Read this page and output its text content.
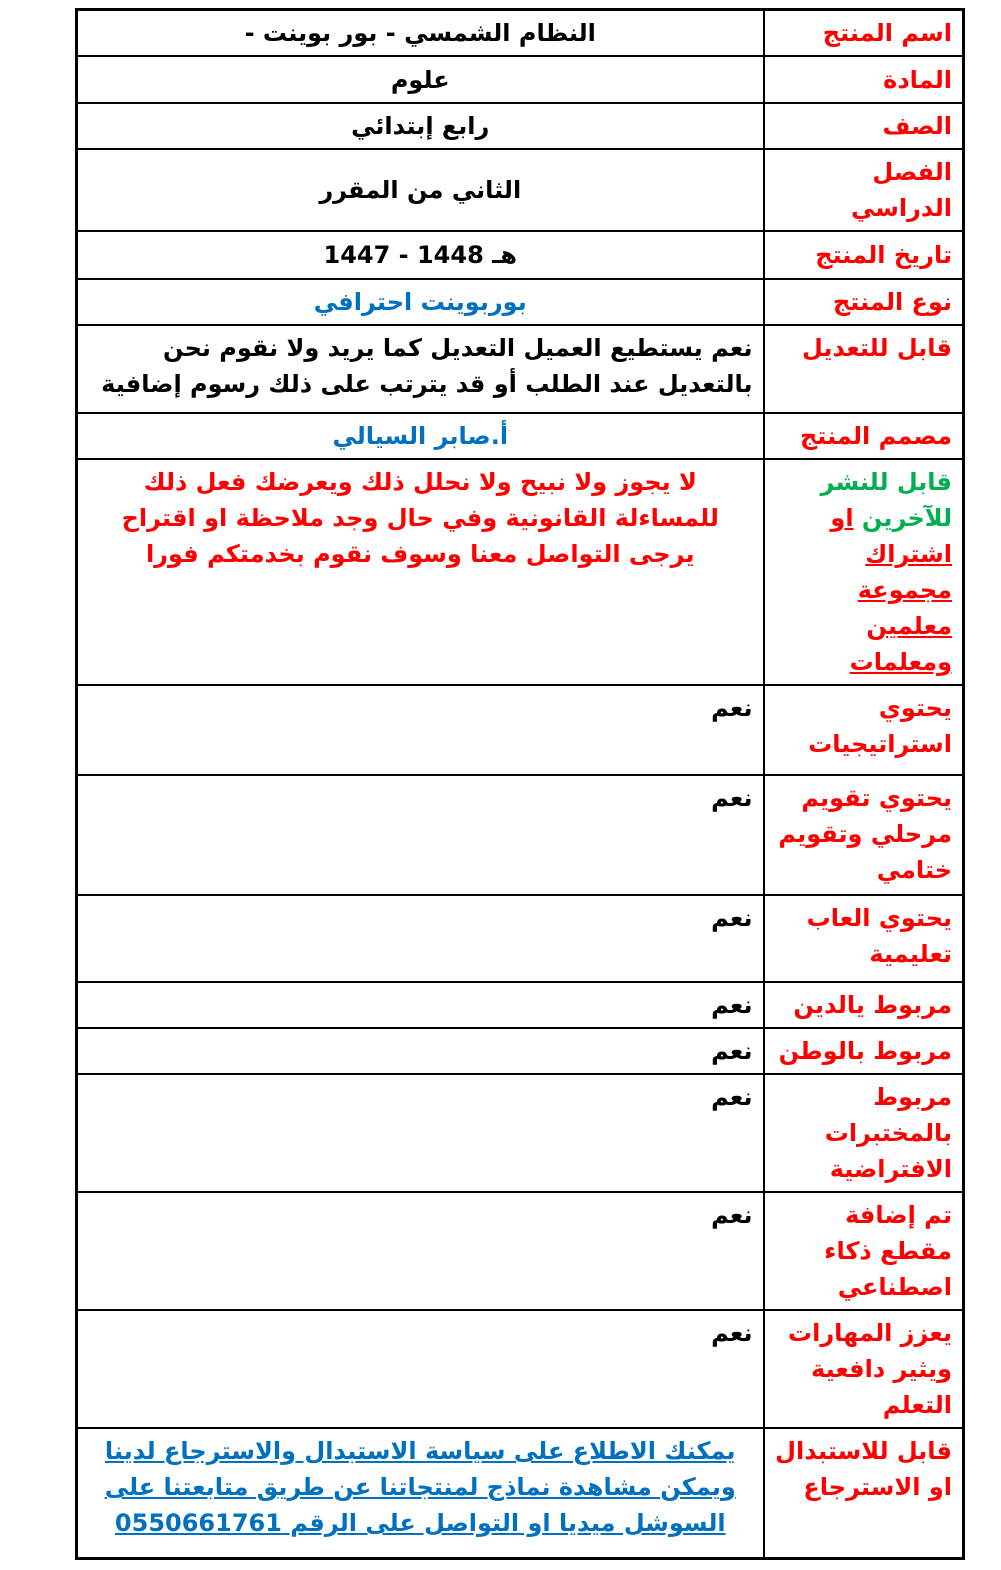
اسم المنتج	النظام الشمسي - بور بوينت -
المادة	علوم
الصف	رابع إبتدائي
الفصل الدراسي	الثاني من المقرر
تاريخ المنتج	1447 - 1448 هـ
نوع المنتج	بوربوينت احترافي
قابل للتعديل	نعم يستطيع العميل التعديل كما يريد ولا نقوم نحن بالتعديل عند الطلب أو قد يترتب على ذلك رسوم إضافية
مصمم المنتج	أ.صابر السيالي
قابل للنشر للآخرين او اشتراك مجموعة معلمين ومعلمات	لا يجوز ولا نبيح ولا نحلل ذلك ويعرضك فعل ذلك للمساءلة القانونية وفي حال وجد ملاحظة او اقتراح يرجى التواصل معنا وسوف نقوم بخدمتكم فورا
يحتوي استراتيجيات	نعم
يحتوي تقويم مرحلي وتقويم ختامي	نعم
يحتوي العاب تعليمية	نعم
مربوط يالدين	نعم
مربوط بالوطن	نعم
مربوط بالمختبرات الافتراضية	نعم
تم إضافة مقطع ذكاء اصطناعي	نعم
يعزز المهارات ويثير دافعية التعلم	نعم
قابل للاستبدال او الاسترجاع	يمكنك الاطلاع على سياسة الاستبدال والاسترجاع لدينا ويمكن مشاهدة نماذج لمنتجاتنا عن طريق متابعتنا على السوشل ميديا او التواصل على الرقم 0550661761
